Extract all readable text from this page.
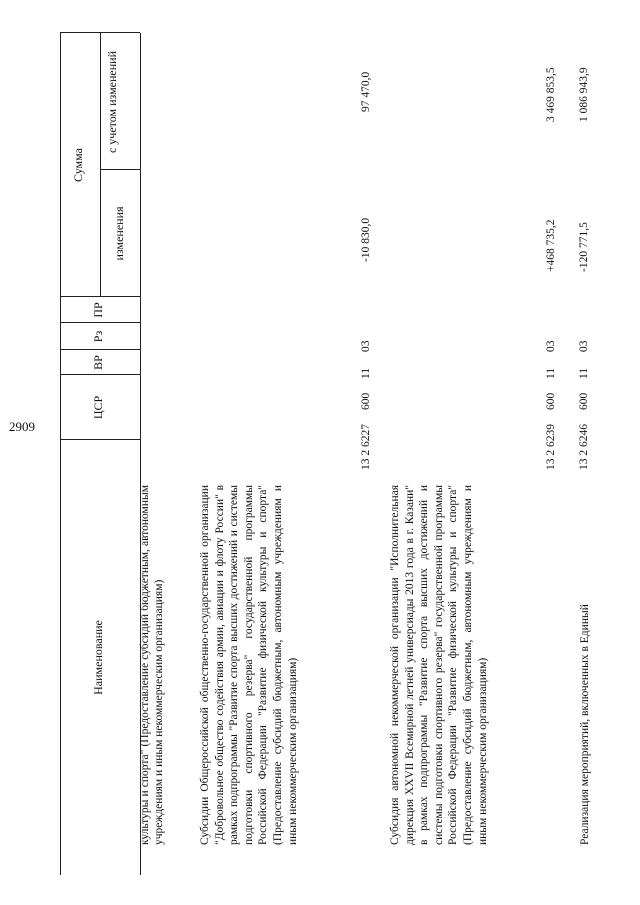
2909
Наименование
ЦСР
ВР
Рз
ПР
Сумма
изменения
с учетом изменений
культуры и спорта" (Предоставление субсидий бюджетным, автономным учреждениям и иным некоммерческим организациям)	Субсидии Общероссийской общественно-государственной организации "Добровольное общество содействия армии, авиации и флоту России" в рамках подпрограммы "Развитие спорта высших достижений и системы подготовки спортивного резерва" государственной программы Российской Федерации "Развитие физической культуры и спорта" (Предоставление субсидий бюджетным, автономным учреждениям и иным некоммерческим организациям)
13 2 6227
600
11
03
-10 830,0
97 470,0
Субсидия автономной некоммерческой организации "Исполнительная дирекция XXVII Всемирной летней универсиады 2013 года в г. Казани" в рамках подпрограммы "Развитие спорта высших достижений и системы подготовки спортивного резерва" государственной программы Российской Федерации "Развитие физической культуры и спорта" (Предоставление субсидий бюджетным, автономным учреждениям и иным некоммерческим организациям)
13 2 6239
600
11
03
+468 735,2
3 469 853,5
Реализация мероприятий, включенных в Единый
13 2 6246
600
11
03
-120 771,5
1 086 943,9
